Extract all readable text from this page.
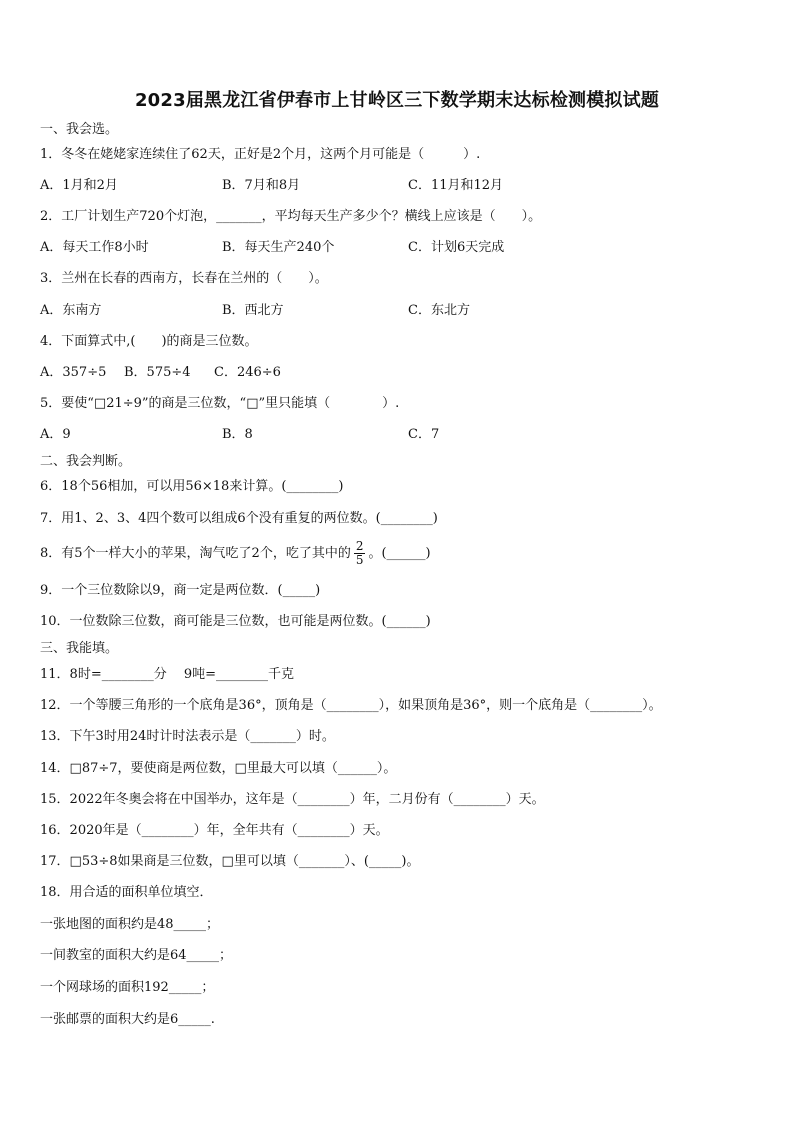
2023届黑龙江省伊春市上甘岭区三下数学期末达标检测模拟试题
一、我会选。
1．冬冬在姥姥家连续住了62天，正好是2个月，这两个月可能是（　　　）.
A．1月和2月	B．7月和8月	C．11月和12月
2．工厂计划生产720个灯泡，_______，平均每天生产多少个？横线上应该是（　　）。
A．每天工作8小时	B．每天生产240个	C．计划6天完成
3．兰州在长春的西南方，长春在兰州的（　　）。
A．东南方	B．西北方	C．东北方
4．下面算式中,(　　)的商是三位数。
A．357÷5 B．575÷4 C．246÷6
5．要使“□21÷9”的商是三位数，“□”里只能填（　　　　）.
A．9	B．8	C．7
二、我会判断。
6．18个56相加，可以用56×18来计算。(________)
7．用1、2、3、4四个数可以组成6个没有重复的两位数。(________)
8．有5个一样大小的苹果，淘气吃了2个，吃了其中的 $\frac{2}{5}$ 。(______)
9．一个三位数除以9，商一定是两位数．(_____)
10．一位数除三位数，商可能是三位数，也可能是两位数。(______)
三、我能填。
11．8时=________分　 9吨=________千克
12．一个等腰三角形的一个底角是36°，顶角是（________），如果顶角是36°，则一个底角是（________）。
13．下午3时用24时计时法表示是（_______）时。
14．□87÷7，要使商是两位数，□里最大可以填（______）。
15．2022年冬奥会将在中国举办，这年是（________）年，二月份有（________）天。
16．2020年是（________）年，全年共有（________）天。
17．□53÷8如果商是三位数，□里可以填（_______）、(_____)。
18．用合适的面积单位填空．
一张地图的面积约是48_____；
一间教室的面积大约是64_____；
一个网球场的面积192_____；
一张邮票的面积大约是6_____.
